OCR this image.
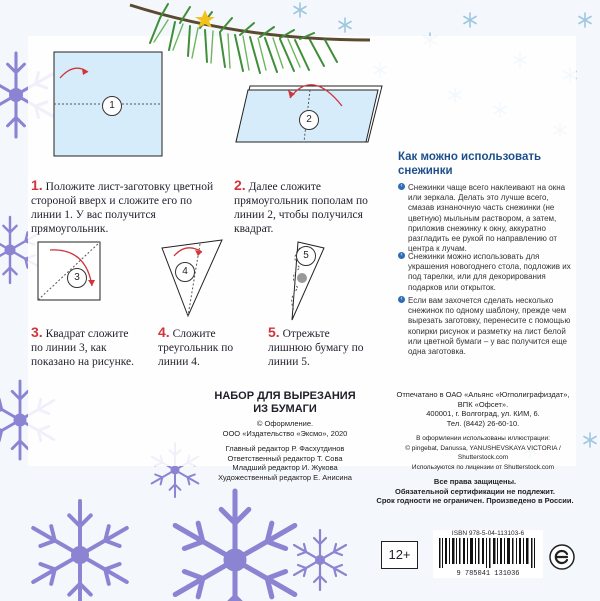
1
2
1. Положите лист-заготовку цветной стороной вверх и сложите его по линии 1. У вас получится прямоугольник.
2. Далее сложите прямоугольник пополам по линии 2, чтобы получился квадрат.
3
4
5
3. Квадрат сложите по линии 3, как показано на рисунке.
4. Сложите треугольник по линии 4.
5. Отрежьте лишнюю бумагу по линии 5.
Как можно использовать снежинки
‹ Снежинки чаще всего наклеивают на окна или зеркала. Делать это лучше всего, смазав изнаночную часть снежинки (не цветную) мыльным раствором, а затем, приложив снежинку к окну, аккуратно разгладить ее рукой по направлению от центра к лучам.
‹ Снежинки можно использовать для украшения новогоднего стола, подложив их под тарелки, или для декорирования подарков или открыток.
‹ Если вам захочется сделать несколько снежинок по одному шаблону, прежде чем вырезать заготовку, перенесите с помощью копирки рисунок и разметку на лист белой или цветной бумаги – у вас получится еще одна заготовка.
НАБОР ДЛЯ ВЫРЕЗАНИЯ
ИЗ БУМАГИ
© Оформление.
ООО «Издательство «Эксмо», 2020
Главный редактор Р. Фасхутдинов
Ответственный редактор Т. Сова
Младший редактор И. Жукова
Художественный редактор Е. Анисина
Отпечатано в ОАО «Альянс «Югполиграфиздат»,
ВПК «Офсет».
400001, г. Волгоград, ул. КИМ, 6.
Тел. (8442) 26-60-10.
В оформлении использованы иллюстрации:
© pingebat, Danussa, YANUSHEVSKAYA VICTORIA / Shutterstock.com
Используются по лицензии от Shutterstock.com
Все права защищены.
Обязательной сертификации не подлежит.
Срок годности не ограничен. Произведено в России.
12+
ISBN 978-5-04-113103-6
9 785041 131036
